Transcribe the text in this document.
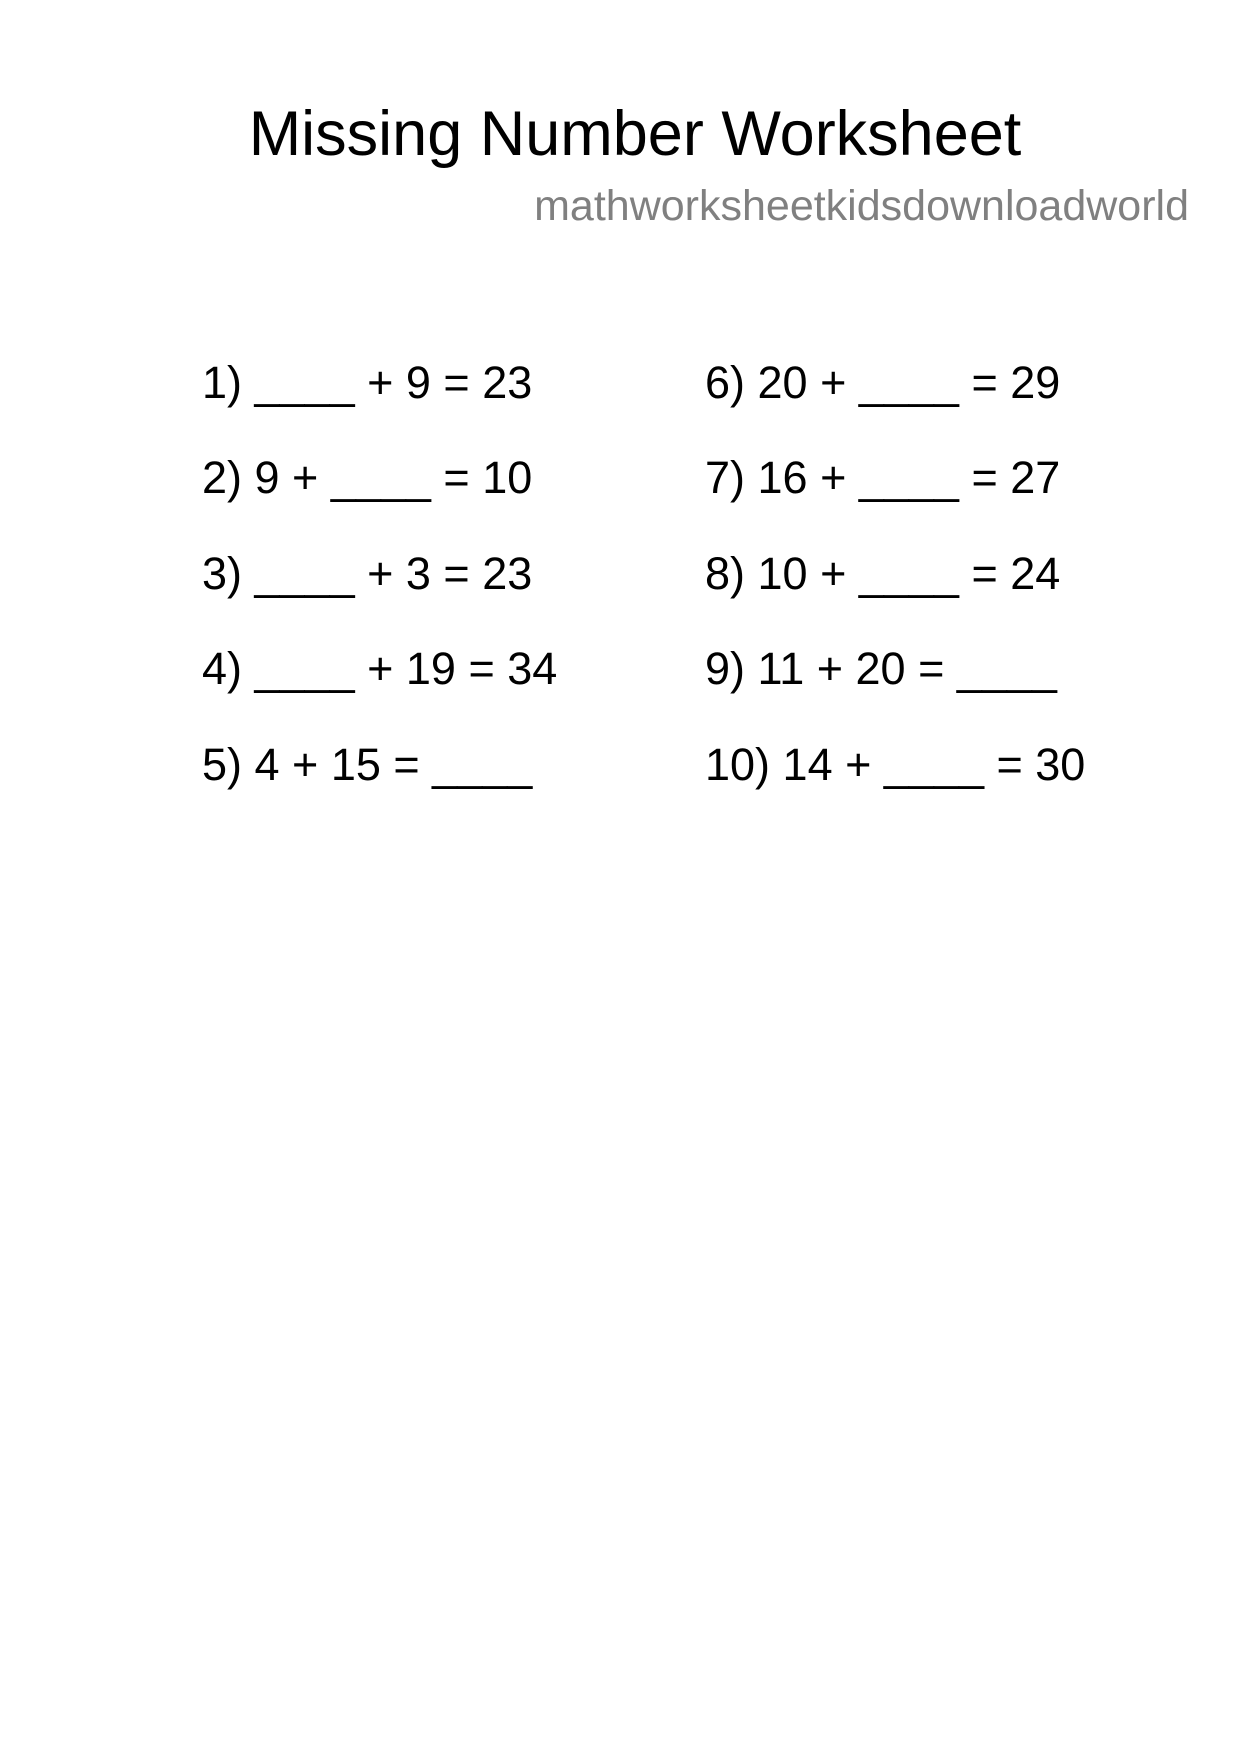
Missing Number Worksheet
mathworksheetkidsdownloadworld
1) ____ + 9 = 23
2) 9 + ____ = 10
3) ____ + 3 = 23
4) ____ + 19 = 34
5) 4 + 15 = ____
6) 20 + ____ = 29
7) 16 + ____ = 27
8) 10 + ____ = 24
9) 11 + 20 = ____
10) 14 + ____ = 30
